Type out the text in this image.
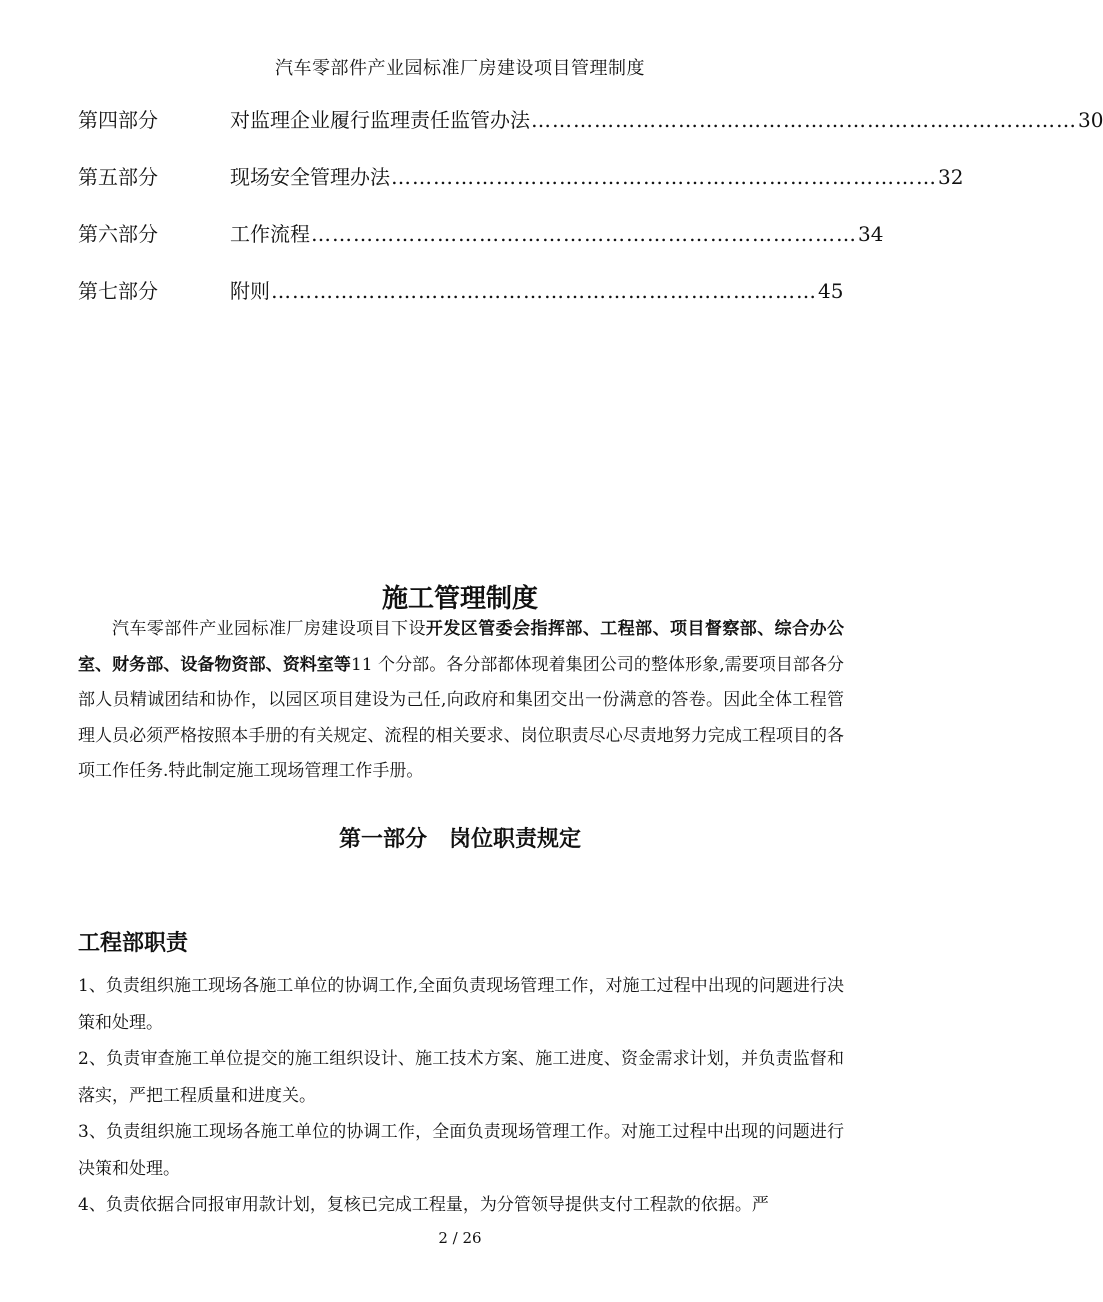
汽车零部件产业园标准厂房建设项目管理制度
第四部分	对监理企业履行监理责任监管办法 …………………………………………………………………… 30
第五部分	现场安全管理办法 …………………………………………………………………… 32
第六部分	工作流程 …………………………………………………………………… 34
第七部分	附则 …………………………………………………………………… 45
施工管理制度

汽车零部件产业园标准厂房建设项目下设开发区管委会指挥部、工程部、项目督察部、综合办公室、财务部、设备物资部、资料室等11 个分部。各分部都体现着集团公司的整体形象,需要项目部各分部人员精诚团结和协作，以园区项目建设为己任,向政府和集团交出一份满意的答卷。因此全体工程管理人员必须严格按照本手册的有关规定、流程的相关要求、岗位职责尽心尽责地努力完成工程项目的各项工作任务.特此制定施工现场管理工作手册。

第一部分 岗位职责规定
工程部职责

1、负责组织施工现场各施工单位的协调工作,全面负责现场管理工作，对施工过程中出现的问题进行决策和处理。

2、负责审查施工单位提交的施工组织设计、施工技术方案、施工进度、资金需求计划，并负责监督和落实，严把工程质量和进度关。

3、负责组织施工现场各施工单位的协调工作，全面负责现场管理工作。对施工过程中出现的问题进行决策和处理。

4、负责依据合同报审用款计划，复核已完成工程量，为分管领导提供支付工程款的依据。严

2 / 26
